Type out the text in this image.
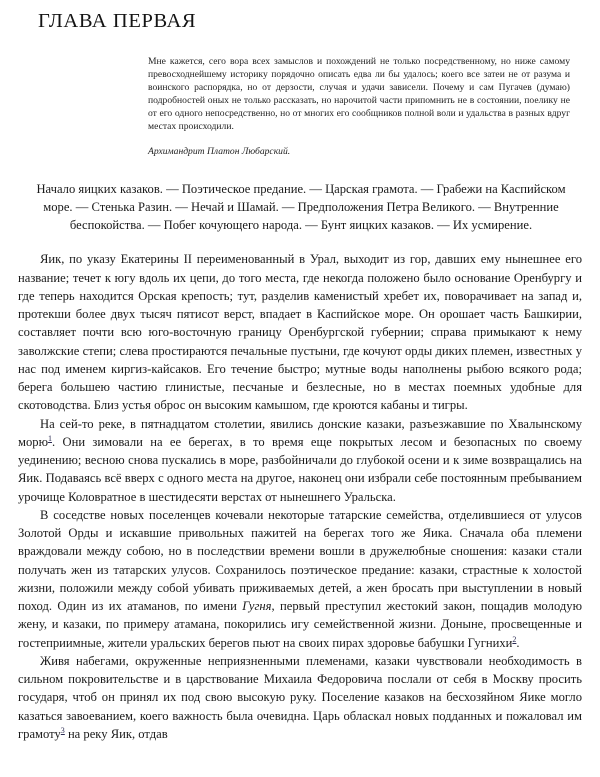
ГЛАВА ПЕРВАЯ

Мне кажется, сего вора всех замыслов и похождений не только посредственному, но ниже самому превосходнейшему историку порядочно описать едва ли бы удалось; коего все затеи не от разума и воинского распорядка, но от дерзости, случая и удачи зависели. Почему и сам Пугачев (думаю) подробностей оных не только рассказать, но нарочитой части припомнить не в состоянии, поелику не от его одного непосредственно, но от многих его сообщников полной воли и удальства в разных вдруг местах происходили.

Архимандрит Платон Любарский.

Начало яицких казаков. — Поэтическое предание. — Царская грамота. — Грабежи на Каспийском море. — Стенька Разин. — Нечай и Шамай. — Предположения Петра Великого. — Внутренние беспокойства. — Побег кочующего народа. — Бунт яицких казаков. — Их усмирение.

Яик, по указу Екатерины II переименованный в Урал, выходит из гор, давших ему нынешнее его название; течет к югу вдоль их цепи, до того места, где некогда положено было основание Оренбургу и где теперь находится Орская крепость; тут, разделив каменистый хребет их, поворачивает на запад и, протекши более двух тысяч пятисот верст, впадает в Каспийское море. Он орошает часть Башкирии, составляет почти всю юго-восточную границу Оренбургской губернии; справа примыкают к нему заволжские степи; слева простираются печальные пустыни, где кочуют орды диких племен, известных у нас под именем киргиз-кайсаков. Его течение быстро; мутные воды наполнены рыбою всякого рода; берега большею частию глинистые, песчаные и безлесные, но в местах поемных удобные для скотоводства. Близ устья оброс он высоким камышом, где кроются кабаны и тигры.

На сей-то реке, в пятнадцатом столетии, явились донские казаки, разъезжавшие по Хвалынскому морю$^1$. Они зимовали на ее берегах, в то время еще покрытых лесом и безопасных по своему уединению; весною снова пускались в море, разбойничали до глубокой осени и к зиме возвращались на Яик. Подаваясь всё вверх с одного места на другое, наконец они избрали себе постоянным пребыванием урочище Коловратное в шестидесяти верстах от нынешнего Уральска.

В соседстве новых поселенцев кочевали некоторые татарские семейства, отделившиеся от улусов Золотой Орды и искавшие привольных пажитей на берегах того же Яика. Сначала оба племени враждовали между собою, но в последствии времени вошли в дружелюбные сношения: казаки стали получать жен из татарских улусов. Сохранилось поэтическое предание: казаки, страстные к холостой жизни, положили между собой убивать приживаемых детей, а жен бросать при выступлении в новый поход. Один из их атаманов, по имени Гугня, первый преступил жестокий закон, пощадив молодую жену, и казаки, по примеру атамана, покорились игу семейственной жизни. Доныне, просвещенные и гостеприимные, жители уральских берегов пьют на своих пирах здоровье бабушки Гугнихи$^2$.

Живя набегами, окруженные неприязненными племенами, казаки чувствовали необходимость в сильном покровительстве и в царствование Михаила Федоровича послали от себя в Москву просить государя, чтоб он принял их под свою высокую руку. Поселение казаков на бесхозяйном Яике могло казаться завоеванием, коего важность была очевидна. Царь обласкал новых подданных и пожаловал им грамоту$^3$ на реку Яик, отдав
